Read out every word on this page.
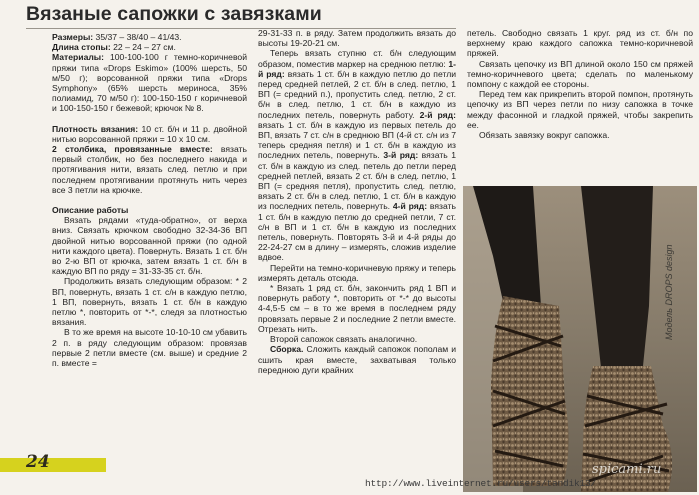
Вязаные сапожки с завязками

Размеры: 35/37 – 38/40 – 41/43.

Длина стопы: 22 – 24 – 27 см.

Материалы: 100-100-100 г темно-коричневой пряжи типа «Drops Eskimo» (100% шерсть, 50 м/50 г); ворсованной пряжи типа «Drops Symphony» (65% шерсть мериноса, 35% полиамид, 70 м/50 г): 100-150-150 г коричневой и 100-150-150 г бежевой; крючок № 8.

Плотность вязания: 10 ст. б/н и 11 р. двойной нитью ворсованной пряжи = 10 х 10 см.

2 столбика, провязанные вместе: вязать первый столбик, но без последнего накида и протягивания нити, вязать след. петлю и при последнем протягивании протянуть нить через все 3 петли на крючке.

Описание работы

Вязать рядами «туда-обратно», от верха вниз. Связать крючком свободно 32-34-36 ВП двойной нитью ворсованной пряжи (по одной нити каждого цвета). Повернуть. Вязать 1 ст. б/н во 2-ю ВП от крючка, затем вязать 1 ст. б/н в каждую ВП по ряду = 31-33-35 ст. б/н.

Продолжить вязать следующим образом: * 2 ВП, повернуть, вязать 1 ст. с/н в каждую петлю, 1 ВП, повернуть, вязать 1 ст. б/н в каждую петлю *, повторить от *-*, следя за плотностью вязания.

В то же время на высоте 10-10-10 см убавить 2 п. в ряду следующим образом: провязав первые 2 петли вместе (см. выше) и средние 2 п. вместе =

29-31-33 п. в ряду. Затем продолжить вязать до высоты 19-20-21 см.

Теперь вязать ступню ст. б/н следующим образом, поместив маркер на среднюю петлю: 1-й ряд: вязать 1 ст. б/н в каждую петлю до петли перед средней петлей, 2 ст. б/н в след. петлю, 1 ВП (= средний п.), пропустить след. петлю, 2 ст. б/н в след. петлю, 1 ст. б/н в каждую из последних петель, повернуть работу. 2-й ряд: вязать 1 ст. б/н в каждую из первых петель до ВП, вязать 7 ст. с/н в среднюю ВП (4-й ст. с/н из 7 теперь средняя петля) и 1 ст. б/н в каждую из последних петель, повернуть. 3-й ряд: вязать 1 ст. б/н в каждую из след. петель до петли перед средней петлей, вязать 2 ст. б/н в след. петлю, 1 ВП (= средняя петля), пропустить след. петлю, вязать 2 ст. б/н в след. петлю, 1 ст. б/н в каждую из последних петель, повернуть. 4-й ряд: вязать 1 ст. б/н в каждую петлю до средней петли, 7 ст. с/н в ВП и 1 ст. б/н в каждую из последних петель, повернуть. Повторять 3-й и 4-й ряды до 22-24-27 см в длину – измерять, сложив изделие вдвое.

Перейти на темно-коричневую пряжу и теперь измерять деталь отсюда.

* Вязать 1 ряд ст. б/н, закончить ряд 1 ВП и повернуть работу *, повторить от *-* до высоты 4-4,5-5 см – в то же время в последнем ряду провязать первые 2 и последние 2 петли вместе. Отрезать нить.

Второй сапожок связать аналогично.

Сборка. Сложить каждый сапожок пополам и сшить края вместе, захватывая только переднюю дуги крайних

петель. Свободно связать 1 круг. ряд из ст. б/н по верхнему краю каждого сапожка темно-коричневой пряжей.

Связать цепочку из ВП длиной около 150 см пряжей темно-коричневого цвета; сделать по маленькому помпону с каждой ее стороны.

Перед тем как прикрепить второй помпон, протянуть цепочку из ВП через петли по низу сапожка в точке между фасонной и гладкой пряжей, чтобы закрепить ее.

Обязать завязку вокруг сапожка.

Модель DROPS design
spicami.ru
24
http://www.liveinternet.ru/users/tandik13/
